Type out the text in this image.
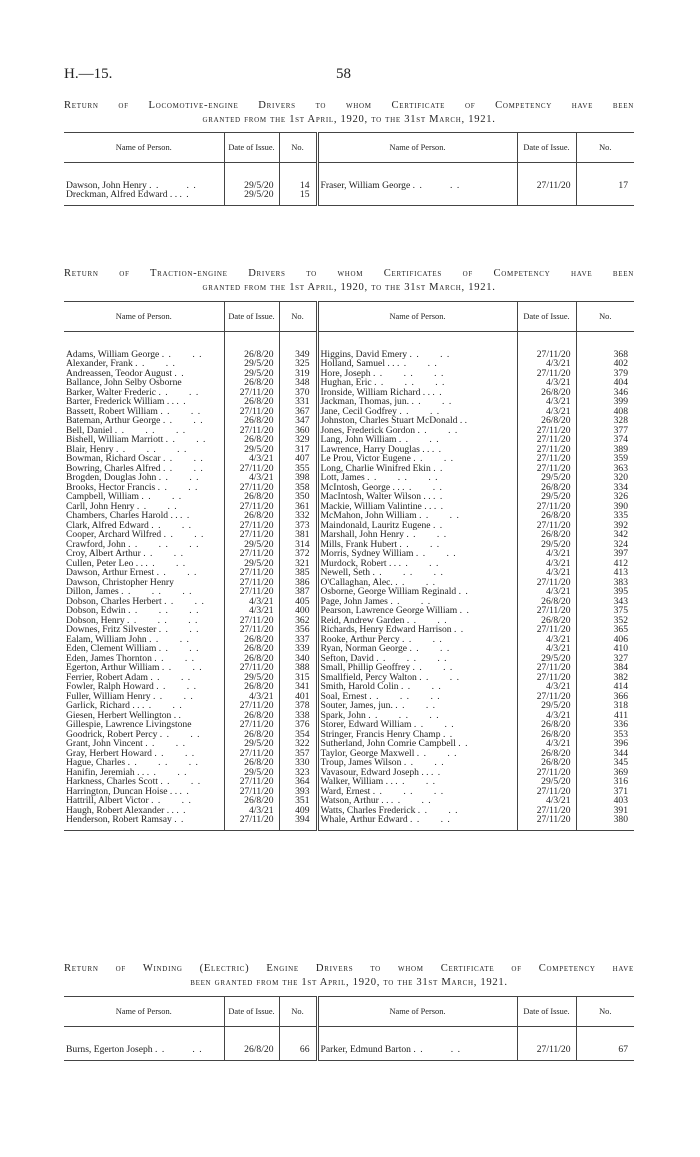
H.—15.	58
Return of Locomotive-engine Drivers to whom Certificate of Competency have been
granted from the 1st April, 1920, to the 31st March, 1921.
Name of Person.	Date of Issue.	No.	Name of Person.	Date of Issue.	No.

Dawson, John Henry . .        . .	29/5/20	14	Fraser, William George . .        . .	27/11/20	17
Dreckman, Alfred Edward . . . .	29/5/20	15			

Return of Traction-engine Drivers to whom Certificates of Competency have been
granted from the 1st April, 1920, to the 31st March, 1921.
Name of Person.	Date of Issue.	No.	Name of Person.	Date of Issue.	No.

Adams, William George . .      . .	26/8/20	349	Higgins, David Emery . .      . .	27/11/20	368
Alexander, Frank . .      . .	29/5/20	325	Holland, Samuel . . . .      . .	4/3/21	402
Andreassen, Teodor August . .	29/5/20	319	Hore, Joseph . .      . .      . .	27/11/20	379
Ballance, John Selby Osborne	26/8/20	348	Hughan, Eric . .      . .      . .	4/3/21	404
Barker, Walter Frederic . .      . .	27/11/20	370	Ironside, William Richard . . . .	26/8/20	346
Barter, Frederick William . . . .	26/8/20	331	Jackman, Thomas, jun. . .      . .	4/3/21	399
Bassett, Robert William . .      . .	27/11/20	367	Jane, Cecil Godfrey . .      . .	4/3/21	408
Bateman, Arthur George . .      . .	26/8/20	347	Johnston, Charles Stuart McDonald . .	26/8/20	328
Bell, Daniel . .      . .      . .	27/11/20	360	Jones, Frederick Gordon . .      . .	27/11/20	377
Bishell, William Marriott . .      . .	26/8/20	329	Lang, John William . .      . .	27/11/20	374
Blair, Henry . .      . .      . .	29/5/20	317	Lawrence, Harry Douglas . . . .	27/11/20	389
Bowman, Richard Oscar . .      . .	4/3/21	407	Le Prou, Victor Eugene . .      . .	27/11/20	359
Bowring, Charles Alfred . .      . .	27/11/20	355	Long, Charlie Winifred Ekin . .	27/11/20	363
Brogden, Douglas John . .      . .	4/3/21	398	Lott, James . .      . .      . .	29/5/20	320
Brooks, Hector Francis . .      . .	27/11/20	358	McIntosh, George . . . .      . .	26/8/20	334
Campbell, William . .      . .	26/8/20	350	MacIntosh, Walter Wilson . . . .	29/5/20	326
Carll, John Henry . .      . .	27/11/20	361	Mackie, William Valintine . . . .	27/11/20	390
Chambers, Charles Harold . . . .	26/8/20	332	McMahon, John William . .      . .	26/8/20	335
Clark, Alfred Edward . .      . .	27/11/20	373	Maindonald, Lauritz Eugene . .	27/11/20	392
Cooper, Archard Wilfred . .      . .	27/11/20	381	Marshall, John Henry . .      . .	26/8/20	342
Crawford, John . .      . .      . .	29/5/20	314	Mills, Frank Hubert . .      . .	29/5/20	324
Croy, Albert Arthur . .      . .	27/11/20	372	Morris, Sydney William . .      . .	4/3/21	397
Cullen, Peter Leo . . . .      . .	29/5/20	321	Murdock, Robert . . . .      . .	4/3/21	412
Dawson, Arthur Ernest . .      . .	27/11/20	385	Newell, Seth . .      . .      . .	4/3/21	413
Dawson, Christopher Henry	27/11/20	386	O'Callaghan, Alec. . .      . .	27/11/20	383
Dillon, James . .      . .      . .	27/11/20	387	Osborne, George William Reginald . .	4/3/21	395
Dobson, Charles Herbert . .      . .	4/3/21	405	Page, John James . .      . .	26/8/20	343
Dobson, Edwin . .      . .      . .	4/3/21	400	Pearson, Lawrence George William . .	27/11/20	375
Dobson, Henry . .      . .      . .	27/11/20	362	Reid, Andrew Garden . .      . .	26/8/20	352
Downes, Fritz Silvester . .      . .	27/11/20	356	Richards, Henry Edward Harrison . .	27/11/20	365
Ealam, William John . .      . .	26/8/20	337	Rooke, Arthur Percy . .      . .	4/3/21	406
Eden, Clement William . .      . .	26/8/20	339	Ryan, Norman George . .      . .	4/3/21	410
Eden, James Thornton . .      . .	26/8/20	340	Sefton, David . .      . .      . .	29/5/20	327
Egerton, Arthur William . .      . .	27/11/20	388	Small, Phillip Geoffrey . .      . .	27/11/20	384
Ferrier, Robert Adam . .      . .	29/5/20	315	Smallfield, Percy Walton . .      . .	27/11/20	382
Fowler, Ralph Howard . .      . .	26/8/20	341	Smith, Harold Colin . .      . .	4/3/21	414
Fuller, William Henry . .      . .	4/3/21	401	Soal, Ernest . .      . .      . .	27/11/20	366
Garlick, Richard . . . .      . .	27/11/20	378	Souter, James, jun. . .      . .	29/5/20	318
Giesen, Herbert Wellington . .	26/8/20	338	Spark, John . .      . .      . .	4/3/21	411
Gillespie, Lawrence Livingstone	27/11/20	376	Storer, Edward William . .      . .	26/8/20	336
Goodrick, Robert Percy . .      . .	26/8/20	354	Stringer, Francis Henry Champ . .	26/8/20	353
Grant, John Vincent . .      . .	29/5/20	322	Sutherland, John Comrie Campbell . .	4/3/21	396
Gray, Herbert Howard . .      . .	27/11/20	357	Taylor, George Maxwell . .      . .	26/8/20	344
Hague, Charles . .      . .      . .	26/8/20	330	Troup, James Wilson . .      . .	26/8/20	345
Hanifin, Jeremiah . . . .      . .	29/5/20	323	Vavasour, Edward Joseph . . . .	27/11/20	369
Harkness, Charles Scott . .      . .	27/11/20	364	Walker, William . . . .      . .	29/5/20	316
Harrington, Duncan Hoise . . . .	27/11/20	393	Ward, Ernest . .      . .      . .	27/11/20	371
Hattrill, Albert Victor . .      . .	26/8/20	351	Watson, Arthur . . . .      . .	4/3/21	403
Haugh, Robert Alexander . . . .	4/3/21	409	Watts, Charles Frederick . .      . .	27/11/20	391
Henderson, Robert Ramsay . .	27/11/20	394	Whale, Arthur Edward . .      . .	27/11/20	380

Return of Winding (Electric) Engine Drivers to whom Certificate of Competency have
been granted from the 1st April, 1920, to the 31st March, 1921.
Name of Person.	Date of Issue.	No.	Name of Person.	Date of Issue.	No.

Burns, Egerton Joseph . .        . .	26/8/20	66	Parker, Edmund Barton . .        . .	27/11/20	67
